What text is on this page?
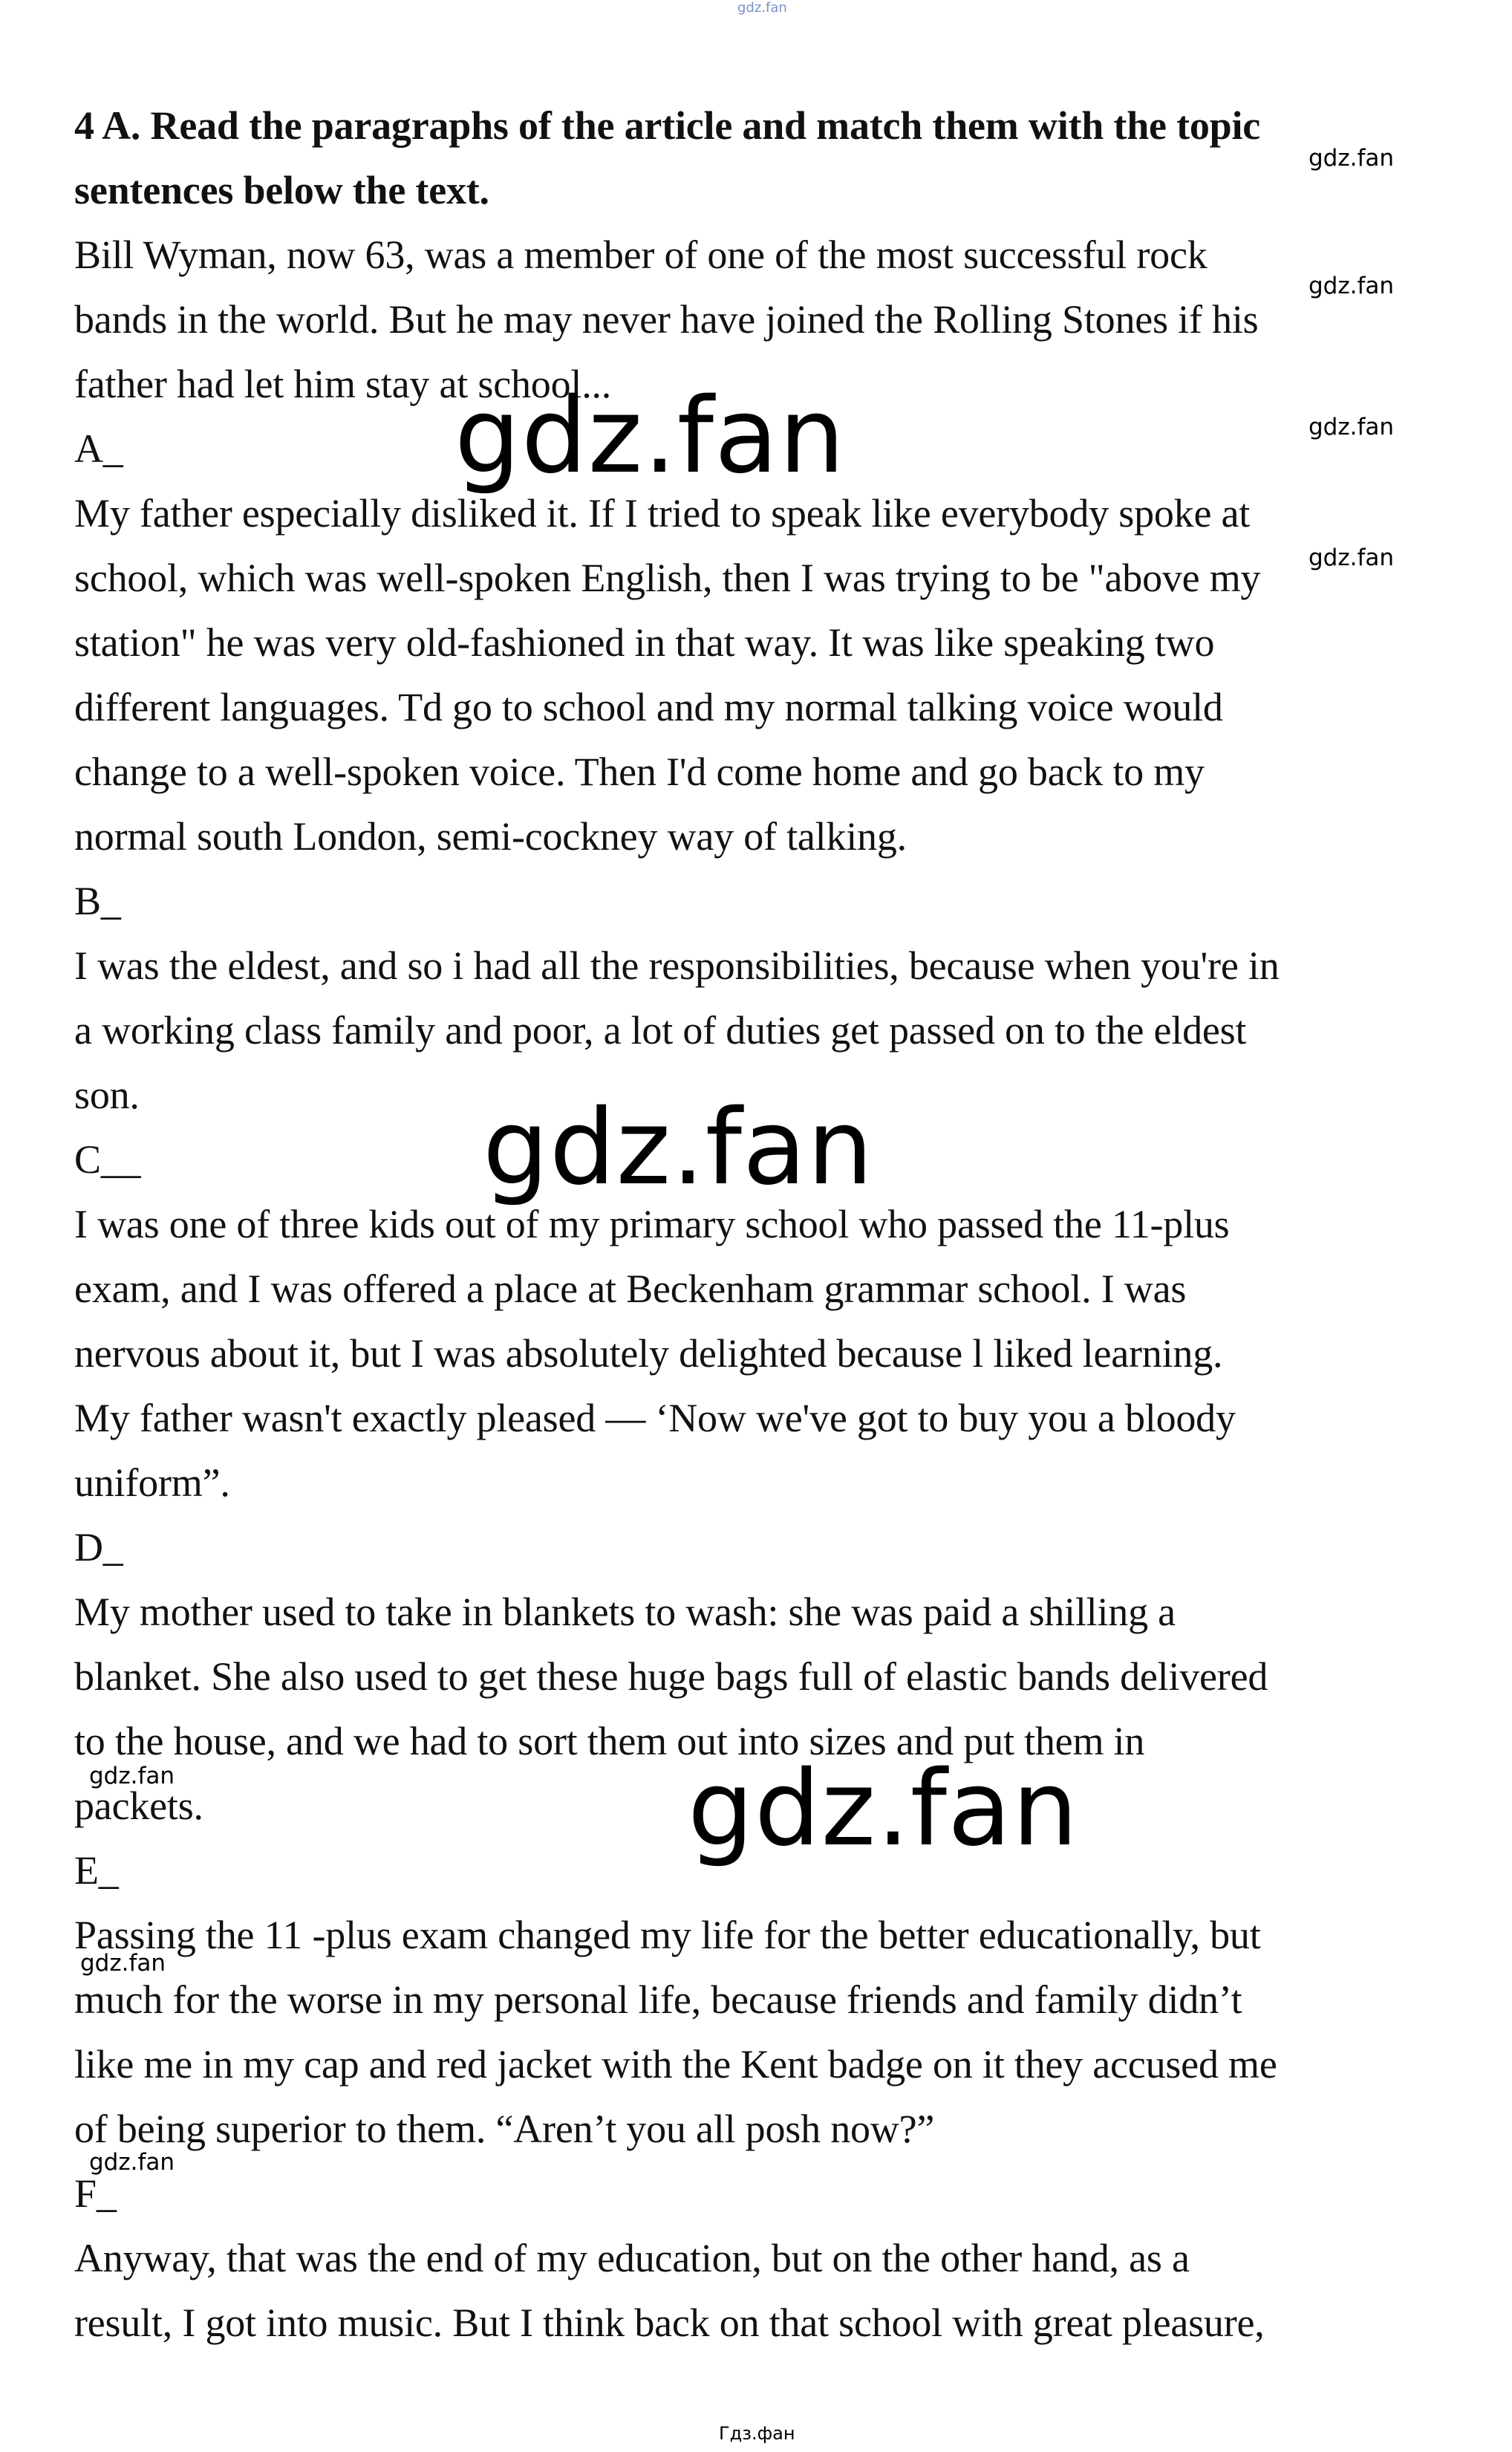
gdz.fan
4 A. Read the paragraphs of the article and match them with the topic
sentences below the text.
Bill Wyman, now 63, was a member of one of the most successful rock
bands in the world. But he may never have joined the Rolling Stones if his
father had let him stay at school...
A_
My father especially disliked it. If I tried to speak like everybody spoke at
school, which was well-spoken English, then I was trying to be "above my
station" he was very old-fashioned in that way. It was like speaking two
different languages. Td go to school and my normal talking voice would
change to a well-spoken voice. Then I'd come home and go back to my
normal south London, semi-cockney way of talking.
B_
I was the eldest, and so i had all the responsibilities, because when you're in
a working class family and poor, a lot of duties get passed on to the eldest
son.
C__
I was one of three kids out of my primary school who passed the 11-plus
exam, and I was offered a place at Beckenham grammar school. I was
nervous about it, but I was absolutely delighted because l liked learning.
My father wasn't exactly pleased — ‘Now we've got to buy you a bloody
uniform”.
D_
My mother used to take in blankets to wash: she was paid a shilling a
blanket. She also used to get these huge bags full of elastic bands delivered
to the house, and we had to sort them out into sizes and put them in
packets.
E_
Passing the 11 -plus exam changed my life for the better educationally, but
much for the worse in my personal life, because friends and family didn’t
like me in my cap and red jacket with the Kent badge on it they accused me
of being superior to them. “Aren’t you all posh now?”
F_
Anyway, that was the end of my education, but on the other hand, as a
result, I got into music. But I think back on that school with great pleasure,
gdz.fan
gdz.fan
gdz.fan
gdz.fan
gdz.fan
gdz.fan
gdz.fan
gdz.fan
gdz.fan
gdz.fan
Гдз.фан
